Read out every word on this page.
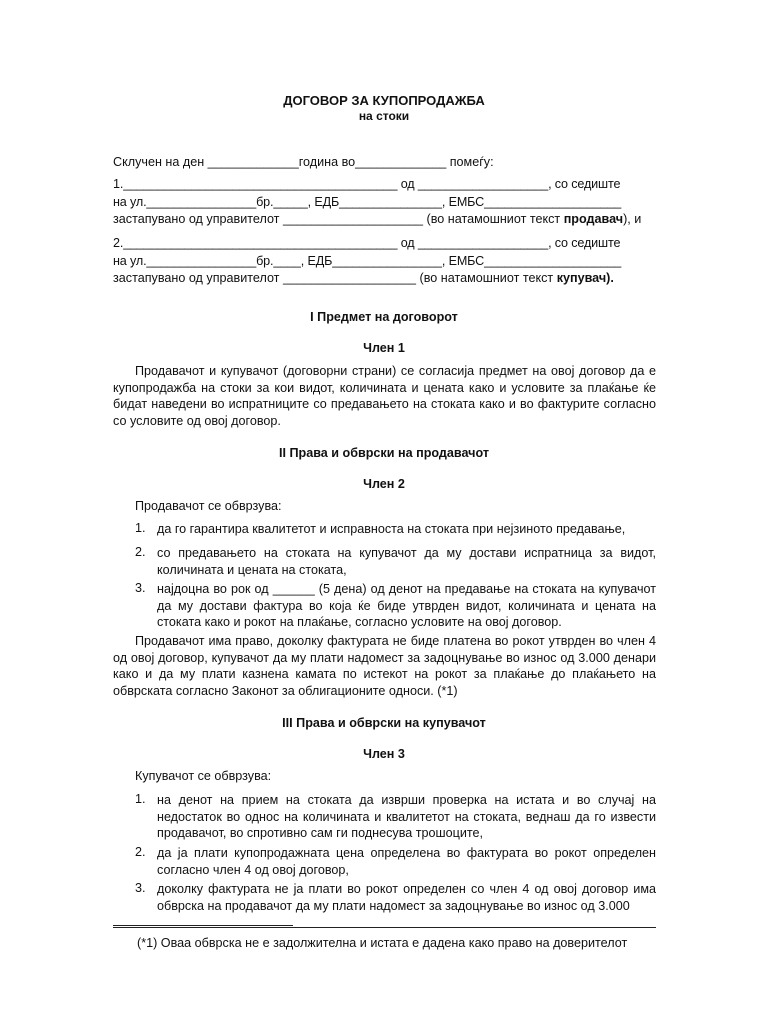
ДОГОВОР ЗА КУПОПРОДАЖБА
на стоки
Склучен на ден _____________година во_____________ помеѓу:
1.________________________________________ од ___________________, со седиште
на ул.________________бр._____, ЕДБ_______________, ЕМБС____________________
застапувано од управителот ____________________ (во натамошниот текст продавач), и
2.________________________________________ од ___________________, со седиште
на ул.________________бр.____, ЕДБ________________, ЕМБС____________________
застапувано од управителот ___________________ (во натамошниот текст купувач).
I Предмет на договорот
Член 1
Продавачот и купувачот (договорни страни) се согласија предмет на овој договор да е купопродажба на стоки за кои видот, количината и цената како и условите за плаќање ќе бидат наведени во испратниците со предавањето на стоката како и во фактурите согласно со условите од овој договор.
II Права и обврски на продавачот
Член 2
Продавачот се обврзува:
1. да го гарантира квалитетот и исправноста на стоката при нејзиното предавање,
2. со предавањето на стоката на купувачот да му достави испратница за видот, количината и цената на стоката,
3. најдоцна во рок од ______ (5 дена) од денот на предавање на стоката на купувачот да му достави фактура во која ќе биде утврден видот, количината и цената на стоката како и рокот на плаќање, согласно условите на овој договор.
Продавачот има право, доколку фактурата не биде платена во рокот утврден во член 4 од овој договор, купувачот да му плати надомест за задоцнување во износ од 3.000 денари како и да му плати казнена камата по истекот на рокот за плаќање до плаќањето на обврската согласно Законот за облигационите односи. (*1)
III Права и обврски на купувачот
Член 3
Купувачот се обврзува:
1. на денот на прием на стоката да изврши проверка на истата и во случај на недостаток во однос на количината и квалитетот на стоката, веднаш да го извести продавачот, во спротивно сам ги поднесува трошоците,
2. да ја плати купопродажната цена определена во фактурата во рокот определен согласно член 4 од овој договор,
3. доколку фактурата не ја плати во рокот определен со член 4 од овој договор има обврска на продавачот да му плати надомест за задоцнување во износ од 3.000
(*1) Оваа обврска не е задолжителна и истата е дадена како право на доверителот
